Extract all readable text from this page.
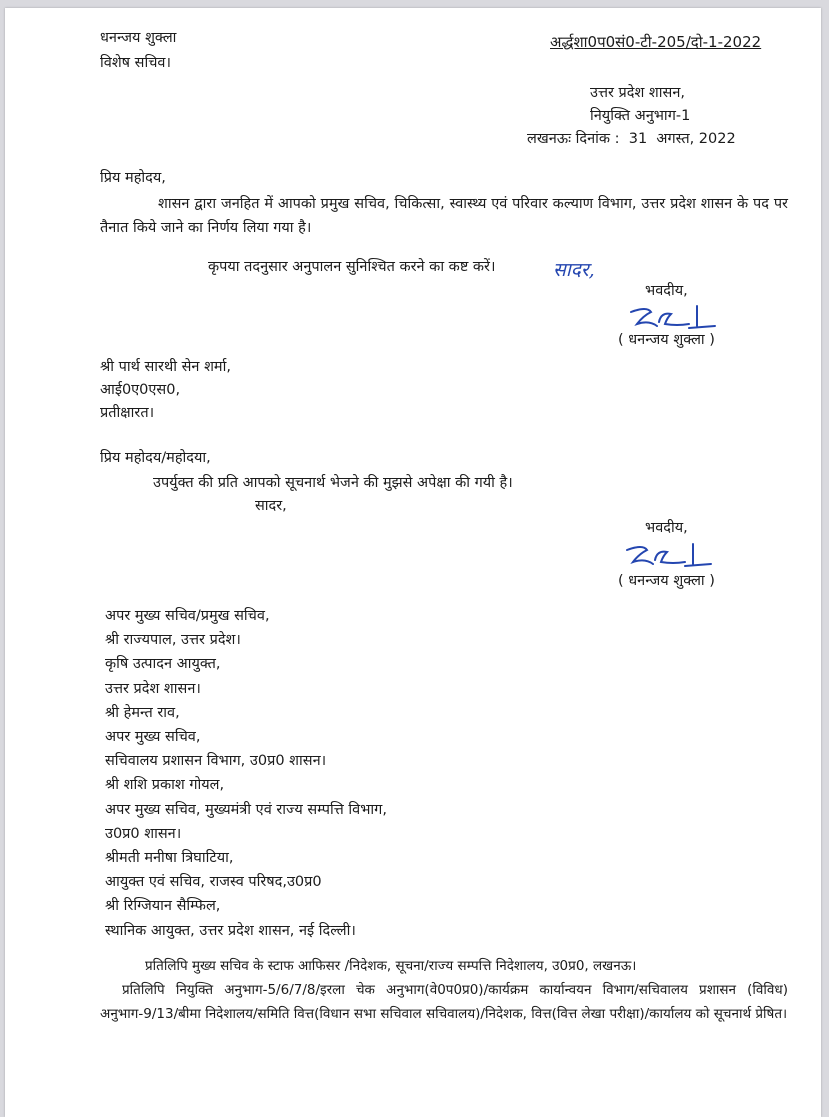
धनन्जय शुक्ला
विशेष सचिव।
अर्द्धशा0प0सं0-टी-205/दो-1-2022
उत्तर प्रदेश शासन,
नियुक्ति अनुभाग-1
लखनऊः दिनांक :  31  अगस्त, 2022
प्रिय महोदय,
शासन द्वारा जनहित में आपको प्रमुख सचिव, चिकित्सा, स्वास्थ्य एवं परिवार कल्याण विभाग, उत्तर प्रदेश शासन के पद पर तैनात किये जाने का निर्णय लिया गया है।
कृपया तदनुसार अनुपालन सुनिश्चित करने का कष्ट करें।	सादर,
भवदीय,
( धनन्जय शुक्ला )
श्री पार्थ सारथी सेन शर्मा,
आई0ए0एस0,
प्रतीक्षारत।
प्रिय महोदय/महोदया,
उपर्युक्त की प्रति आपको सूचनार्थ भेजने की मुझसे अपेक्षा की गयी है।
सादर,
भवदीय,
( धनन्जय शुक्ला )
अपर मुख्य सचिव/प्रमुख सचिव,
श्री राज्यपाल, उत्तर प्रदेश।
कृषि उत्पादन आयुक्त,
उत्तर प्रदेश शासन।
श्री हेमन्त राव,
अपर मुख्य सचिव,
सचिवालय प्रशासन विभाग, उ0प्र0 शासन।
श्री शशि प्रकाश गोयल,
अपर मुख्य सचिव, मुख्यमंत्री एवं राज्य सम्पत्ति विभाग,
उ0प्र0 शासन।
श्रीमती मनीषा त्रिघाटिया,
आयुक्त एवं सचिव, राजस्व परिषद,उ0प्र0
श्री रिग्जियान सैम्फिल,
स्थानिक आयुक्त, उत्तर प्रदेश शासन, नई दिल्ली।
प्रतिलिपि मुख्य सचिव के स्टाफ आफिसर /निदेशक, सूचना/राज्य सम्पत्ति निदेशालय, उ0प्र0, लखनऊ।
प्रतिलिपि नियुक्ति अनुभाग-5/6/7/8/इरला चेक अनुभाग(वे0प0प्र0)/कार्यक्रम कार्यान्वयन विभाग/सचिवालय प्रशासन (विविध) अनुभाग-9/13/बीमा निदेशालय/समिति वित्त(विधान सभा सचिवाल सचिवालय)/निदेशक, वित्त(वित्त लेखा परीक्षा)/कार्यालय को सूचनार्थ प्रेषित।
